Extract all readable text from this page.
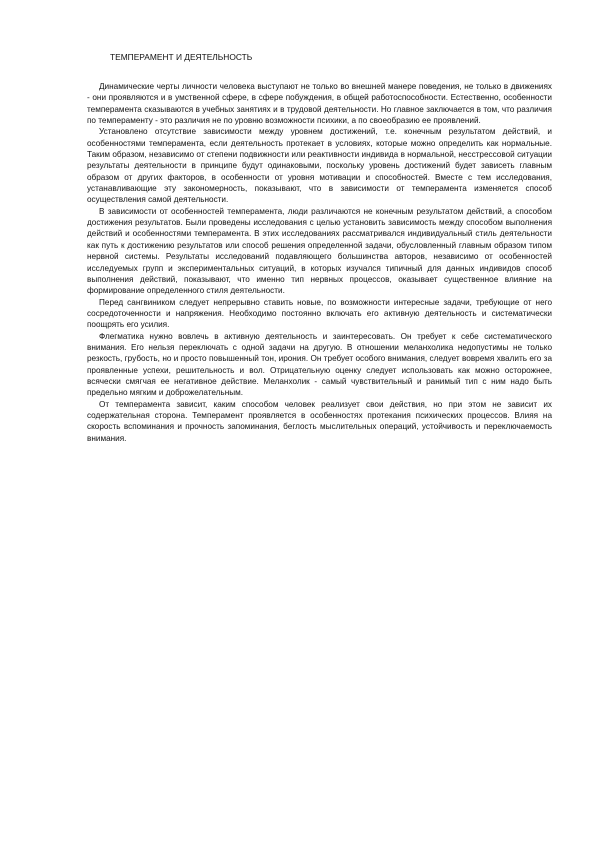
ТЕМПЕРАМЕНТ И ДЕЯТЕЛЬНОСТЬ

Динамические черты личности человека выступают не только во внешней манере поведения, не только в движениях - они проявляются и в умственной сфере, в сфере побуждения, в общей работоспособности. Естественно, особенности темперамента сказываются в учебных занятиях и в трудовой деятельности. Но главное заключается в том, что различия по темпераменту - это различия не по уровню возможности психики, а по своеобразию ее проявлений.

Установлено отсутствие зависимости между уровнем достижений, т.е. конечным результатом действий, и особенностями темперамента, если деятельность протекает в условиях, которые можно определить как нормальные. Таким образом, независимо от степени подвижности или реактивности индивида в нормальной, несстрессовой ситуации результаты деятельности в принципе будут одинаковыми, поскольку уровень достижений будет зависеть главным образом от других факторов, в особенности от уровня мотивации и способностей. Вместе с тем исследования, устанавливающие эту закономерность, показывают, что в зависимости от темперамента изменяется способ осуществления самой деятельности.

В зависимости от особенностей темперамента, люди различаются не конечным результатом действий, а способом достижения результатов. Были проведены исследования с целью установить зависимость между способом выполнения действий и особенностями темперамента. В этих исследованиях рассматривался индивидуальный стиль деятельности как путь к достижению результатов или способ решения определенной задачи, обусловленный главным образом типом нервной системы. Результаты исследований подавляющего большинства авторов, независимо от особенностей исследуемых групп и экспериментальных ситуаций, в которых изучался типичный для данных индивидов способ выполнения действий, показывают, что именно тип нервных процессов, оказывает существенное влияние на формирование определенного стиля деятельности.

Перед сангвиником следует непрерывно ставить новые, по возможности интересные задачи, требующие от него сосредоточенности и напряжения. Необходимо постоянно включать его активную деятельность и систематически поощрять его усилия.

Флегматика нужно вовлечь в активную деятельность и заинтересовать. Он требует к себе систематического внимания. Его нельзя переключать с одной задачи на другую. В отношении меланхолика недопустимы не только резкость, грубость, но и просто повышенный тон, ирония. Он требует особого внимания, следует вовремя хвалить его за проявленные успехи, решительность и вол. Отрицательную оценку следует использовать как можно осторожнее, всячески смягчая ее негативное действие. Меланхолик - самый чувствительный и ранимый тип с ним надо быть предельно мягким и доброжелательным.

От темперамента зависит, каким способом человек реализует свои действия, но при этом не зависит их содержательная сторона. Темперамент проявляется в особенностях протекания психических процессов. Влияя на скорость вспоминания и прочность запоминания, беглость мыслительных операций, устойчивость и переключаемость внимания.
